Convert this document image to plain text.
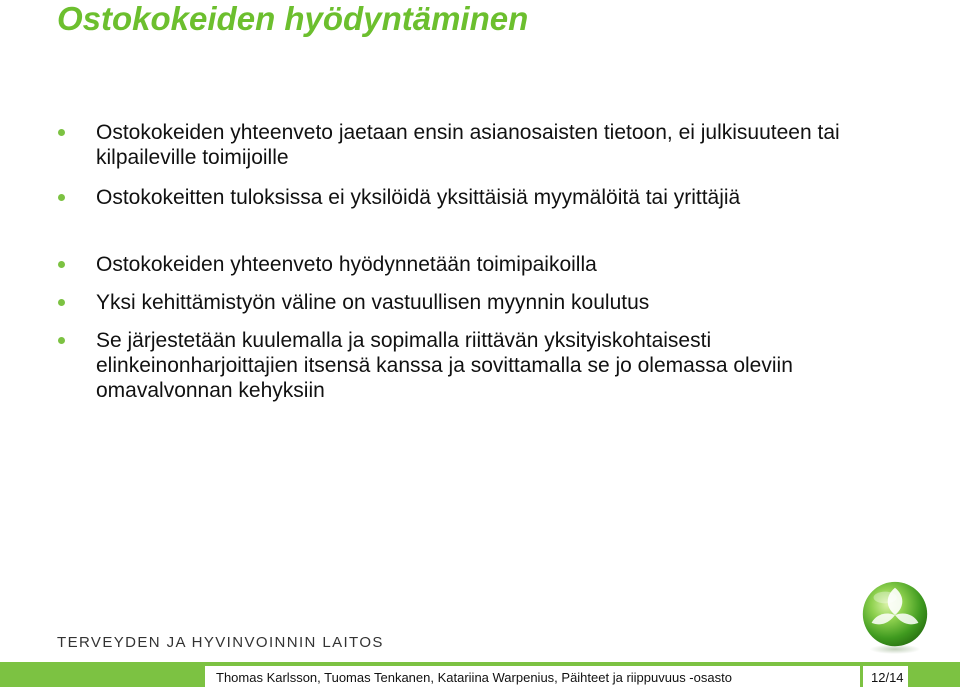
Ostokokeiden hyödyntäminen
Ostokokeiden yhteenveto jaetaan ensin asianosaisten tietoon, ei julkisuuteen tai kilpaileville toimijoille
Ostokokeitten tuloksissa ei yksilöidä yksittäisiä myymälöitä tai yrittäjiä
Ostokokeiden yhteenveto hyödynnetään toimipaikoilla
Yksi kehittämistyön väline on vastuullisen myynnin koulutus
Se järjestetään kuulemalla ja sopimalla riittävän yksityiskohtaisesti elinkeinonharjoittajien itsensä kanssa ja sovittamalla se jo olemassa oleviin omavalvonnan kehyksiin
TERVEYDEN JA HYVINVOINNIN LAITOS
Thomas Karlsson, Tuomas Tenkanen, Katariina Warpenius, Päihteet ja riippuvuus -osasto	12/14
